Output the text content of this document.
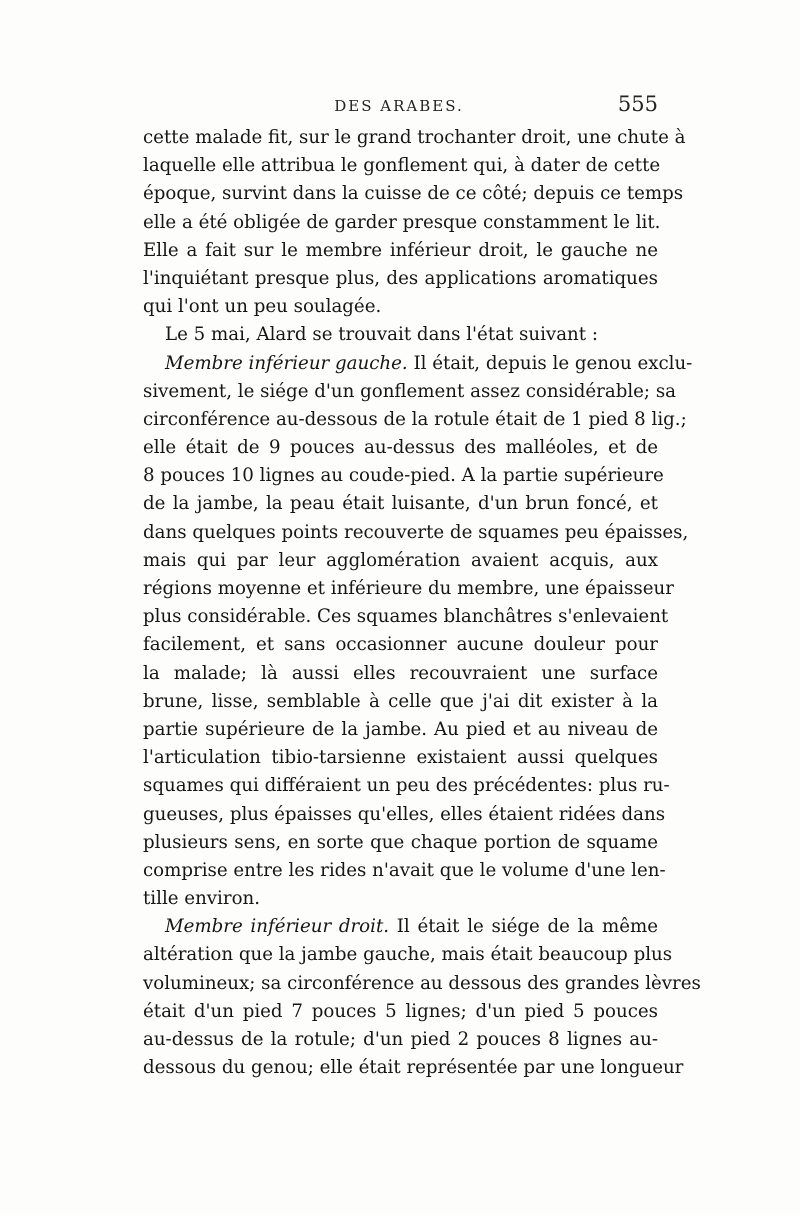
DES ARABES.	555
cette malade fit, sur le grand trochanter droit, une chute à
laquelle elle attribua le gonflement qui, à dater de cette
époque, survint dans la cuisse de ce côté; depuis ce temps
elle a été obligée de garder presque constamment le lit.
Elle a fait sur le membre inférieur droit, le gauche ne
l'inquiétant presque plus, des applications aromatiques
qui l'ont un peu soulagée.
Le 5 mai, Alard se trouvait dans l'état suivant :
Membre inférieur gauche. Il était, depuis le genou exclu-
sivement, le siége d'un gonflement assez considérable; sa
circonférence au-dessous de la rotule était de 1 pied 8 lig.;
elle était de 9 pouces au-dessus des malléoles, et de
8 pouces 10 lignes au coude-pied. A la partie supérieure
de la jambe, la peau était luisante, d'un brun foncé, et
dans quelques points recouverte de squames peu épaisses,
mais qui par leur agglomération avaient acquis, aux
régions moyenne et inférieure du membre, une épaisseur
plus considérable. Ces squames blanchâtres s'enlevaient
facilement, et sans occasionner aucune douleur pour
la malade; là aussi elles recouvraient une surface
brune, lisse, semblable à celle que j'ai dit exister à la
partie supérieure de la jambe. Au pied et au niveau de
l'articulation tibio-tarsienne existaient aussi quelques
squames qui différaient un peu des précédentes: plus ru-
gueuses, plus épaisses qu'elles, elles étaient ridées dans
plusieurs sens, en sorte que chaque portion de squame
comprise entre les rides n'avait que le volume d'une len-
tille environ.
Membre inférieur droit. Il était le siége de la même
altération que la jambe gauche, mais était beaucoup plus
volumineux; sa circonférence au dessous des grandes lèvres
était d'un pied 7 pouces 5 lignes; d'un pied 5 pouces
au-dessus de la rotule; d'un pied 2 pouces 8 lignes au-
dessous du genou; elle était représentée par une longueur
